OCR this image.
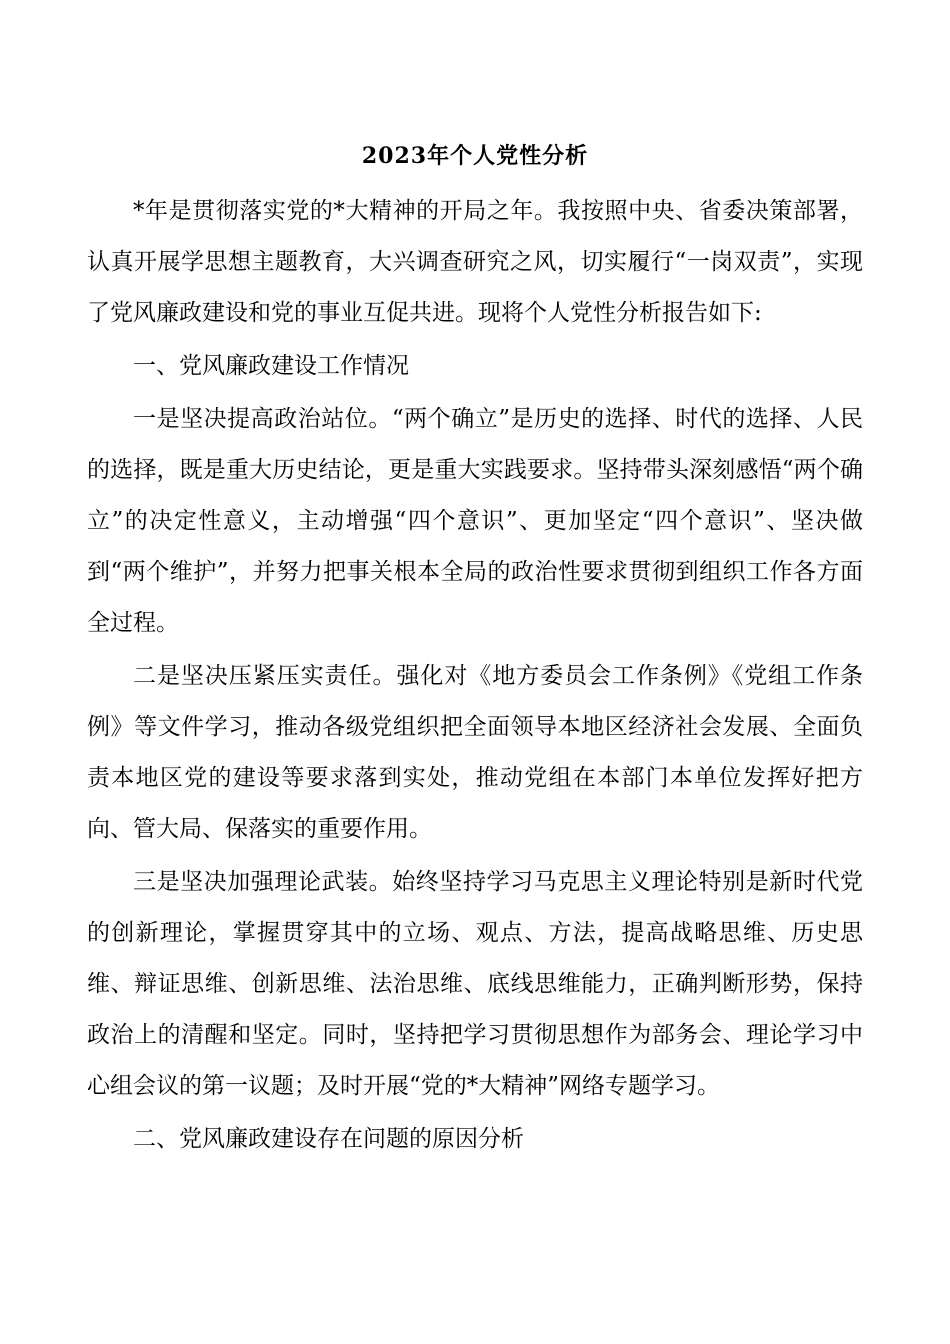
2023年个人党性分析

*年是贯彻落实党的*大精神的开局之年。我按照中央、省委决策部署，认真开展学思想主题教育，大兴调查研究之风，切实履行“一岗双责”，实现了党风廉政建设和党的事业互促共进。现将个人党性分析报告如下:

一、党风廉政建设工作情况

一是坚决提高政治站位。“两个确立”是历史的选择、时代的选择、人民的选择，既是重大历史结论，更是重大实践要求。坚持带头深刻感悟“两个确立”的决定性意义，主动增强“四个意识”、更加坚定“四个意识”、坚决做到“两个维护”，并努力把事关根本全局的政治性要求贯彻到组织工作各方面全过程。

二是坚决压紧压实责任。强化对《地方委员会工作条例》《党组工作条例》等文件学习，推动各级党组织把全面领导本地区经济社会发展、全面负责本地区党的建设等要求落到实处，推动党组在本部门本单位发挥好把方向、管大局、保落实的重要作用。

三是坚决加强理论武装。始终坚持学习马克思主义理论特别是新时代党的创新理论，掌握贯穿其中的立场、观点、方法，提高战略思维、历史思维、辩证思维、创新思维、法治思维、底线思维能力，正确判断形势，保持政治上的清醒和坚定。同时，坚持把学习贯彻思想作为部务会、理论学习中心组会议的第一议题；及时开展“党的*大精神”网络专题学习。

二、党风廉政建设存在问题的原因分析
